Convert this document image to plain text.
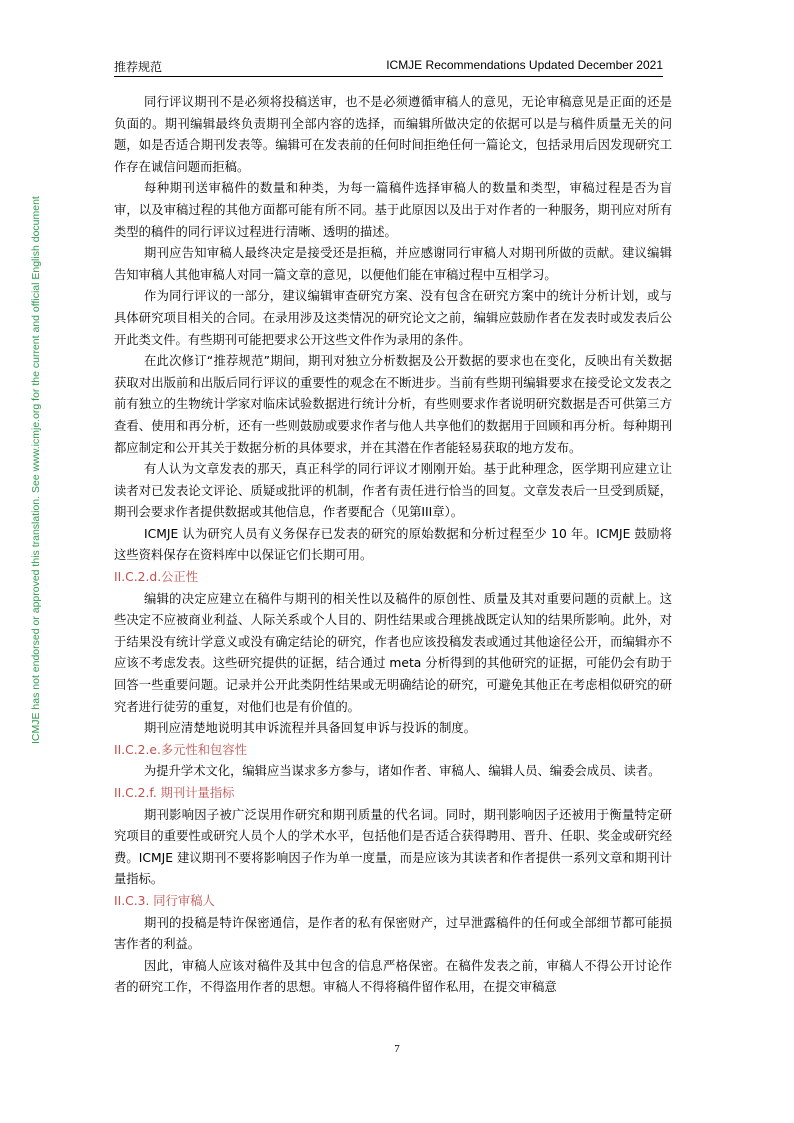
推荐规范	ICMJE Recommendations Updated December 2021
ICMJE has not endorsed or approved this translation. See www.icmje.org for the current and official English document

同行评议期刊不是必须将投稿送审，也不是必须遵循审稿人的意见，无论审稿意见是正面的还是负面的。期刊编辑最终负责期刊全部内容的选择，而编辑所做决定的依据可以是与稿件质量无关的问题，如是否适合期刊发表等。编辑可在发表前的任何时间拒绝任何一篇论文，包括录用后因发现研究工作存在诚信问题而拒稿。

每种期刊送审稿件的数量和种类，为每一篇稿件选择审稿人的数量和类型，审稿过程是否为盲审，以及审稿过程的其他方面都可能有所不同。基于此原因以及出于对作者的一种服务，期刊应对所有类型的稿件的同行评议过程进行清晰、透明的描述。

期刊应告知审稿人最终决定是接受还是拒稿，并应感谢同行审稿人对期刊所做的贡献。建议编辑告知审稿人其他审稿人对同一篇文章的意见，以便他们能在审稿过程中互相学习。

作为同行评议的一部分，建议编辑审查研究方案、没有包含在研究方案中的统计分析计划，或与具体研究项目相关的合同。在录用涉及这类情况的研究论文之前，编辑应鼓励作者在发表时或发表后公开此类文件。有些期刊可能把要求公开这些文件作为录用的条件。

在此次修订“推荐规范”期间，期刊对独立分析数据及公开数据的要求也在变化，反映出有关数据获取对出版前和出版后同行评议的重要性的观念在不断进步。当前有些期刊编辑要求在接受论文发表之前有独立的生物统计学家对临床试验数据进行统计分析，有些则要求作者说明研究数据是否可供第三方查看、使用和再分析，还有一些则鼓励或要求作者与他人共享他们的数据用于回顾和再分析。每种期刊都应制定和公开其关于数据分析的具体要求，并在其潜在作者能轻易获取的地方发布。

有人认为文章发表的那天，真正科学的同行评议才刚刚开始。基于此种理念，医学期刊应建立让读者对已发表论文评论、质疑或批评的机制，作者有责任进行恰当的回复。文章发表后一旦受到质疑，期刊会要求作者提供数据或其他信息，作者要配合（见第III章）。

ICMJE 认为研究人员有义务保存已发表的研究的原始数据和分析过程至少 10 年。ICMJE 鼓励将这些资料保存在资料库中以保证它们长期可用。

II.C.2.d.公正性

编辑的决定应建立在稿件与期刊的相关性以及稿件的原创性、质量及其对重要问题的贡献上。这些决定不应被商业利益、人际关系或个人目的、阴性结果或合理挑战既定认知的结果所影响。此外，对于结果没有统计学意义或没有确定结论的研究，作者也应该投稿发表或通过其他途径公开，而编辑亦不应该不考虑发表。这些研究提供的证据，结合通过 meta 分析得到的其他研究的证据，可能仍会有助于回答一些重要问题。记录并公开此类阴性结果或无明确结论的研究，可避免其他正在考虑相似研究的研究者进行徒劳的重复，对他们也是有价值的。

期刊应清楚地说明其申诉流程并具备回复申诉与投诉的制度。

II.C.2.e.多元性和包容性

为提升学术文化，编辑应当谋求多方参与，诸如作者、审稿人、编辑人员、编委会成员、读者。

II.C.2.f. 期刊计量指标

期刊影响因子被广泛误用作研究和期刊质量的代名词。同时，期刊影响因子还被用于衡量特定研究项目的重要性或研究人员个人的学术水平，包括他们是否适合获得聘用、晋升、任职、奖金或研究经费。ICMJE 建议期刊不要将影响因子作为单一度量，而是应该为其读者和作者提供一系列文章和期刊计量指标。

II.C.3. 同行审稿人

期刊的投稿是特许保密通信，是作者的私有保密财产，过早泄露稿件的任何或全部细节都可能损害作者的利益。

因此，审稿人应该对稿件及其中包含的信息严格保密。在稿件发表之前，审稿人不得公开讨论作者的研究工作，不得盗用作者的思想。审稿人不得将稿件留作私用，在提交审稿意

7
